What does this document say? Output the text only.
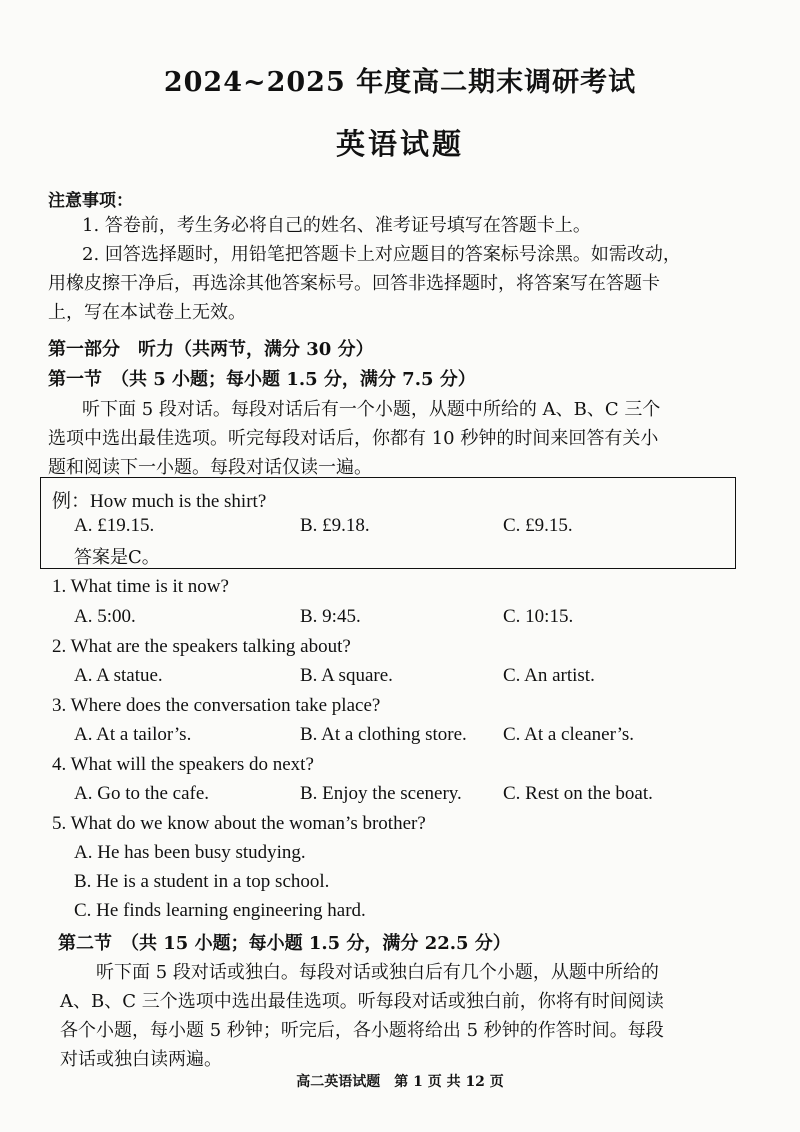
2024~2025 年度高二期末调研考试
英语试题
注意事项：
1. 答卷前，考生务必将自己的姓名、准考证号填写在答题卡上。
2. 回答选择题时，用铅笔把答题卡上对应题目的答案标号涂黑。如需改动，
用橡皮擦干净后，再选涂其他答案标号。回答非选择题时，将答案写在答题卡
上，写在本试卷上无效。
第一部分　听力（共两节，满分 30 分）
第一节　（共 5 小题；每小题 1.5 分，满分 7.5 分）
听下面 5 段对话。每段对话后有一个小题，从题中所给的 A、B、C 三个
选项中选出最佳选项。听完每段对话后，你都有 10 秒钟的时间来回答有关小
题和阅读下一小题。每段对话仅读一遍。
例：How much is the shirt?
A. £19.15.	B. £9.18.	C. £9.15.
答案是C。
1. What time is it now?
A. 5:00.	B. 9:45.	C. 10:15.
2. What are the speakers talking about?
A. A statue.	B. A square.	C. An artist.
3. Where does the conversation take place?
A. At a tailor’s.	B. At a clothing store. C. At a cleaner’s.
4. What will the speakers do next?
A. Go to the cafe.	B. Enjoy the scenery. C. Rest on the boat.
5. What do we know about the woman’s brother?
A. He has been busy studying.
B. He is a student in a top school.
C. He finds learning engineering hard.
第二节　（共 15 小题；每小题 1.5 分，满分 22.5 分）
听下面 5 段对话或独白。每段对话或独白后有几个小题，从题中所给的
A、B、C 三个选项中选出最佳选项。听每段对话或独白前，你将有时间阅读
各个小题，每小题 5 秒钟；听完后，各小题将给出 5 秒钟的作答时间。每段
对话或独白读两遍。
高二英语试题　第 1 页 共 12 页
